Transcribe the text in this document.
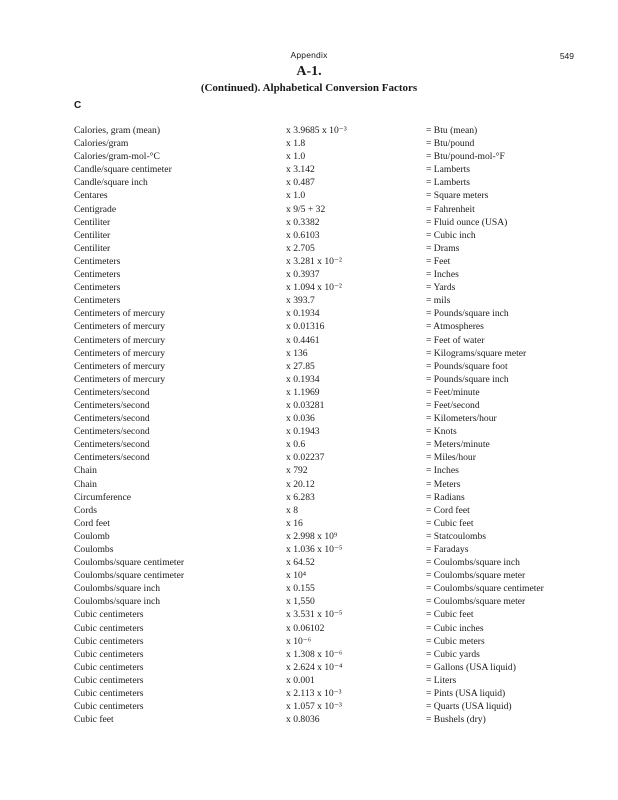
Appendix	549
A-1.
(Continued). Alphabetical Conversion Factors
C
Calories, gram (mean)	x 3.9685 x 10⁻³	= Btu (mean)
Calories/gram	x 1.8	= Btu/pound
Calories/gram-mol-°C	x 1.0	= Btu/pound-mol-°F
Candle/square centimeter	x 3.142	= Lamberts
Candle/square inch	x 0.487	= Lamberts
Centares	x 1.0	= Square meters
Centigrade	x 9/5 + 32	= Fahrenheit
Centiliter	x 0.3382	= Fluid ounce (USA)
Centiliter	x 0.6103	= Cubic inch
Centiliter	x 2.705	= Drams
Centimeters	x 3.281 x 10⁻²	= Feet
Centimeters	x 0.3937	= Inches
Centimeters	x 1.094 x 10⁻²	= Yards
Centimeters	x 393.7	= mils
Centimeters of mercury	x 0.1934	= Pounds/square inch
Centimeters of mercury	x 0.01316	= Atmospheres
Centimeters of mercury	x 0.4461	= Feet of water
Centimeters of mercury	x 136	= Kilograms/square meter
Centimeters of mercury	x 27.85	= Pounds/square foot
Centimeters of mercury	x 0.1934	= Pounds/square inch
Centimeters/second	x 1.1969	= Feet/minute
Centimeters/second	x 0.03281	= Feet/second
Centimeters/second	x 0.036	= Kilometers/hour
Centimeters/second	x 0.1943	= Knots
Centimeters/second	x 0.6	= Meters/minute
Centimeters/second	x 0.02237	= Miles/hour
Chain	x 792	= Inches
Chain	x 20.12	= Meters
Circumference	x 6.283	= Radians
Cords	x 8	= Cord feet
Cord feet	x 16	= Cubic feet
Coulomb	x 2.998 x 10⁹	= Statcoulombs
Coulombs	x 1.036 x 10⁻⁵	= Faradays
Coulombs/square centimeter	x 64.52	= Coulombs/square inch
Coulombs/square centimeter	x 10⁴	= Coulombs/square meter
Coulombs/square inch	x 0.155	= Coulombs/square centimeter
Coulombs/square inch	x 1,550	= Coulombs/square meter
Cubic centimeters	x 3.531 x 10⁻⁵	= Cubic feet
Cubic centimeters	x 0.06102	= Cubic inches
Cubic centimeters	x 10⁻⁶	= Cubic meters
Cubic centimeters	x 1.308 x 10⁻⁶	= Cubic yards
Cubic centimeters	x 2.624 x 10⁻⁴	= Gallons (USA liquid)
Cubic centimeters	x 0.001	= Liters
Cubic centimeters	x 2.113 x 10⁻³	= Pints (USA liquid)
Cubic centimeters	x 1.057 x 10⁻³	= Quarts (USA liquid)
Cubic feet	x 0.8036	= Bushels (dry)
